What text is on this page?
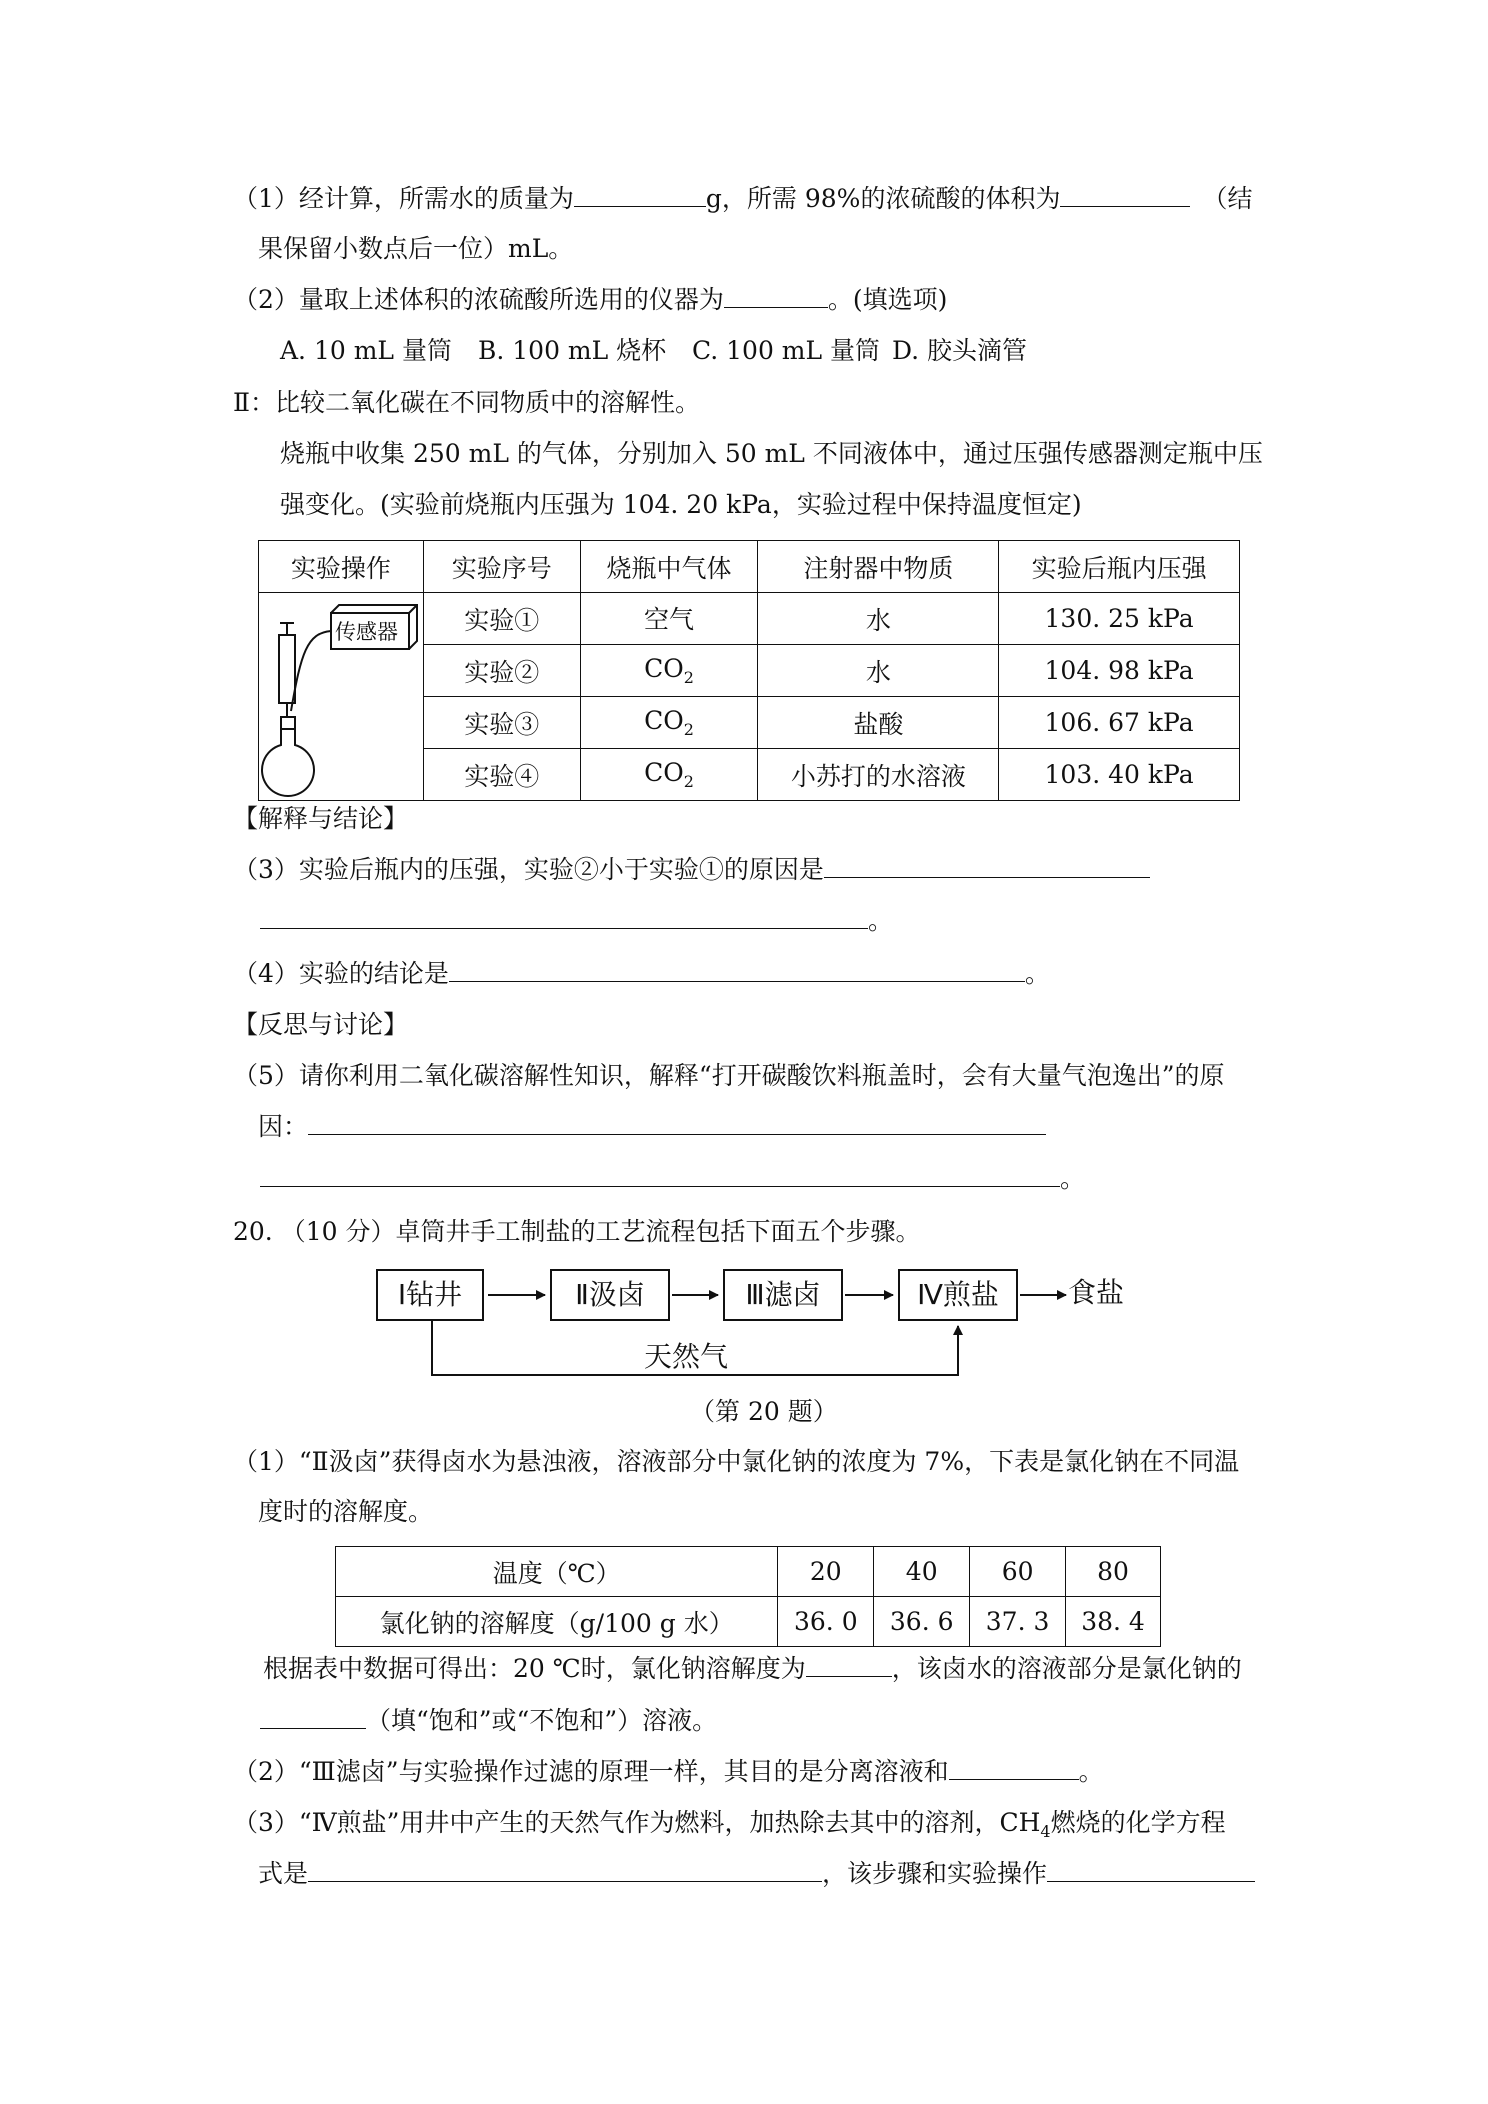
（1）经计算，所需水的质量为	g，所需 98%的浓硫酸的体积为	（结
果保留小数点后一位）mL。
（2）量取上述体积的浓硫酸所选用的仪器为	。(填选项)
A. 10 mL 量筒 B. 100 mL 烧杯 C. 100 mL 量筒 D. 胶头滴管
Ⅱ：比较二氧化碳在不同物质中的溶解性。
烧瓶中收集 250 mL 的气体，分别加入 50 mL 不同液体中，通过压强传感器测定瓶中压
强变化。(实验前烧瓶内压强为 104. 20 kPa，实验过程中保持温度恒定)
实验操作	实验序号	烧瓶中气体	注射器中物质	实验后瓶内压强

传感器	实验①	空气	水	130. 25 kPa
	实验②	$CO_2$	水	104. 98 kPa
	实验③	$CO_2$	盐酸	106. 67 kPa
	实验④	$CO_2$	小苏打的水溶液	103. 40 kPa
【解释与结论】
（3）实验后瓶内的压强，实验②小于实验①的原因是
。
（4）实验的结论是	。
【反思与讨论】
（5）请你利用二氧化碳溶解性知识，解释“打开碳酸饮料瓶盖时，会有大量气泡逸出”的原
因：
。
20. （10 分）卓筒井手工制盐的工艺流程包括下面五个步骤。
Ⅰ钻井	Ⅱ汲卤	Ⅲ滤卤	Ⅳ煎盐	食盐
天然气
（第 20 题）
（1）“Ⅱ汲卤”获得卤水为悬浊液，溶液部分中氯化钠的浓度为 7%，下表是氯化钠在不同温
度时的溶解度。
温度（℃）	20	40	60	80
氯化钠的溶解度（g/100 g 水）	36. 0	36. 6	37. 3	38. 4
根据表中数据可得出：20 ℃时，氯化钠溶解度为	，该卤水的溶液部分是氯化钠的
（填“饱和”或“不饱和”）溶液。
（2）“Ⅲ滤卤”与实验操作过滤的原理一样，其目的是分离溶液和	。
（3）“Ⅳ煎盐”用井中产生的天然气作为燃料，加热除去其中的溶剂，$CH_4$燃烧的化学方程
式是	，该步骤和实验操作
